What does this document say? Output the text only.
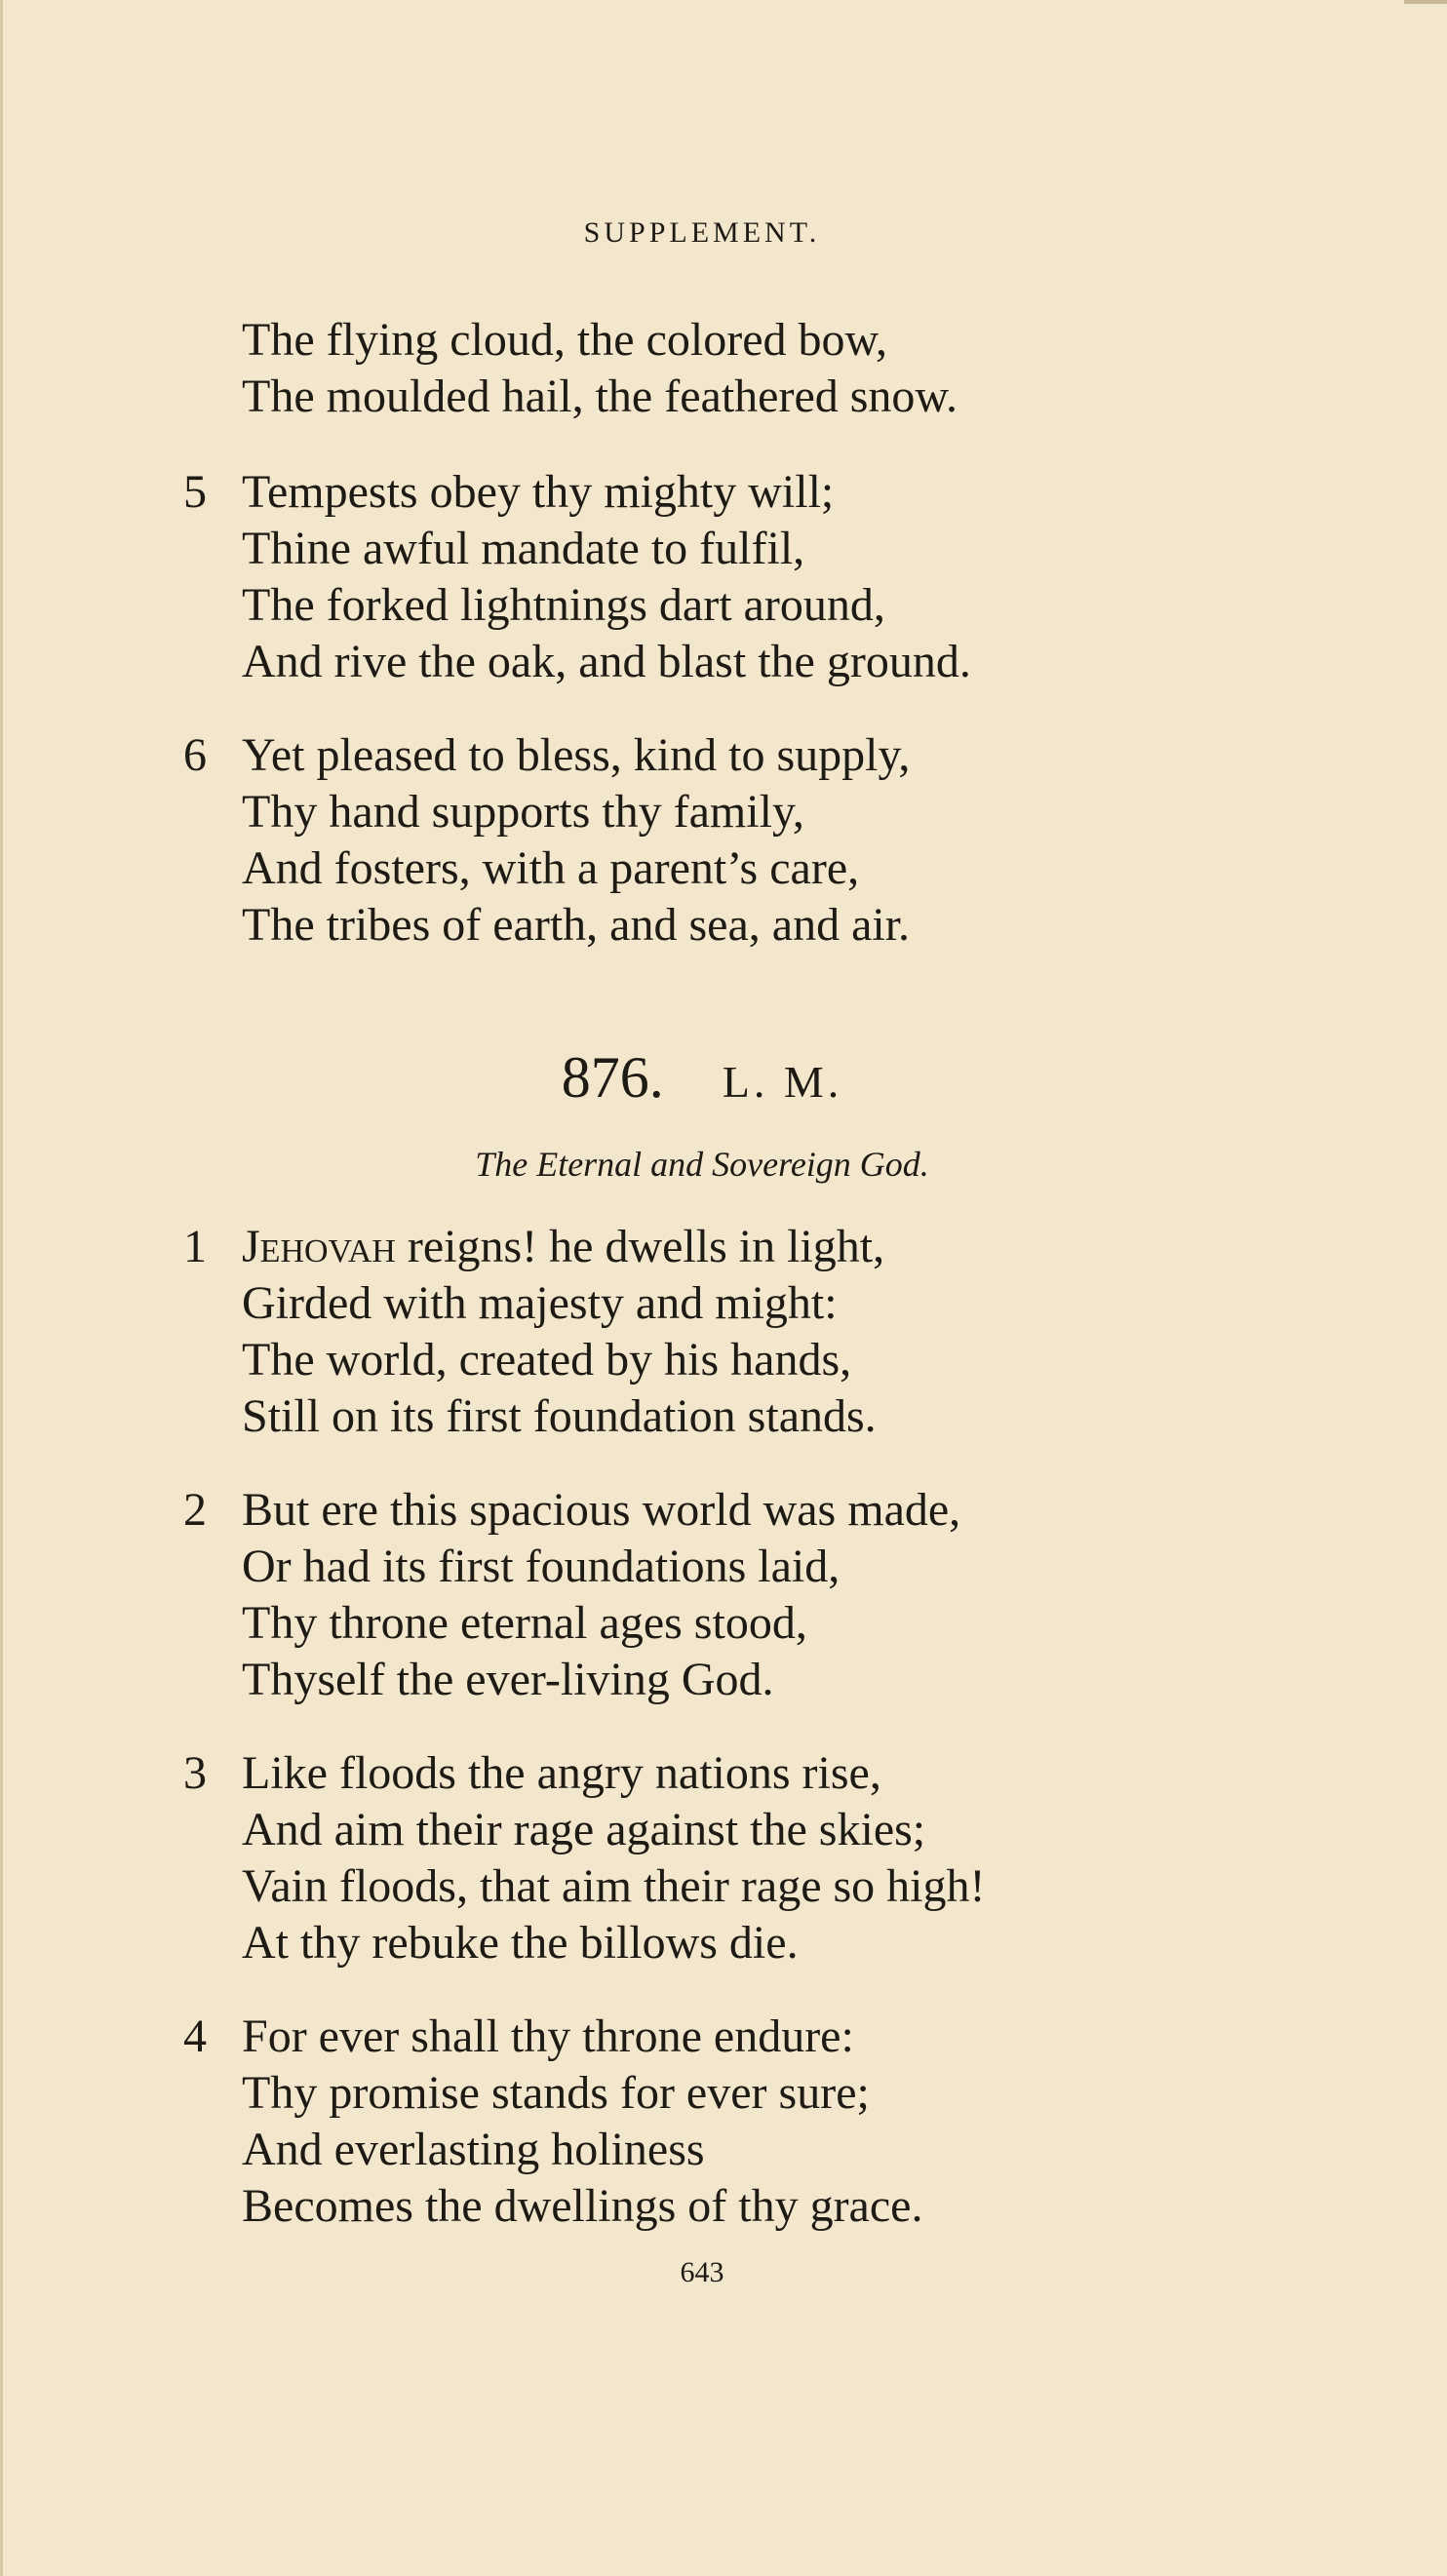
SUPPLEMENT.
The flying cloud, the colored bow,
The moulded hail, the feathered snow.
5 Tempests obey thy mighty will;
Thine awful mandate to fulfil,
The forked lightnings dart around,
And rive the oak, and blast the ground.
6 Yet pleased to bless, kind to supply,
Thy hand supports thy family,
And fosters, with a parent’s care,
The tribes of earth, and sea, and air.
876. L. M.
The Eternal and Sovereign God.
1 Jehovah reigns! he dwells in light,
Girded with majesty and might:
The world, created by his hands,
Still on its first foundation stands.
2 But ere this spacious world was made,
Or had its first foundations laid,
Thy throne eternal ages stood,
Thyself the ever-living God.
3 Like floods the angry nations rise,
And aim their rage against the skies;
Vain floods, that aim their rage so high!
At thy rebuke the billows die.
4 For ever shall thy throne endure:
Thy promise stands for ever sure;
And everlasting holiness
Becomes the dwellings of thy grace.
643
